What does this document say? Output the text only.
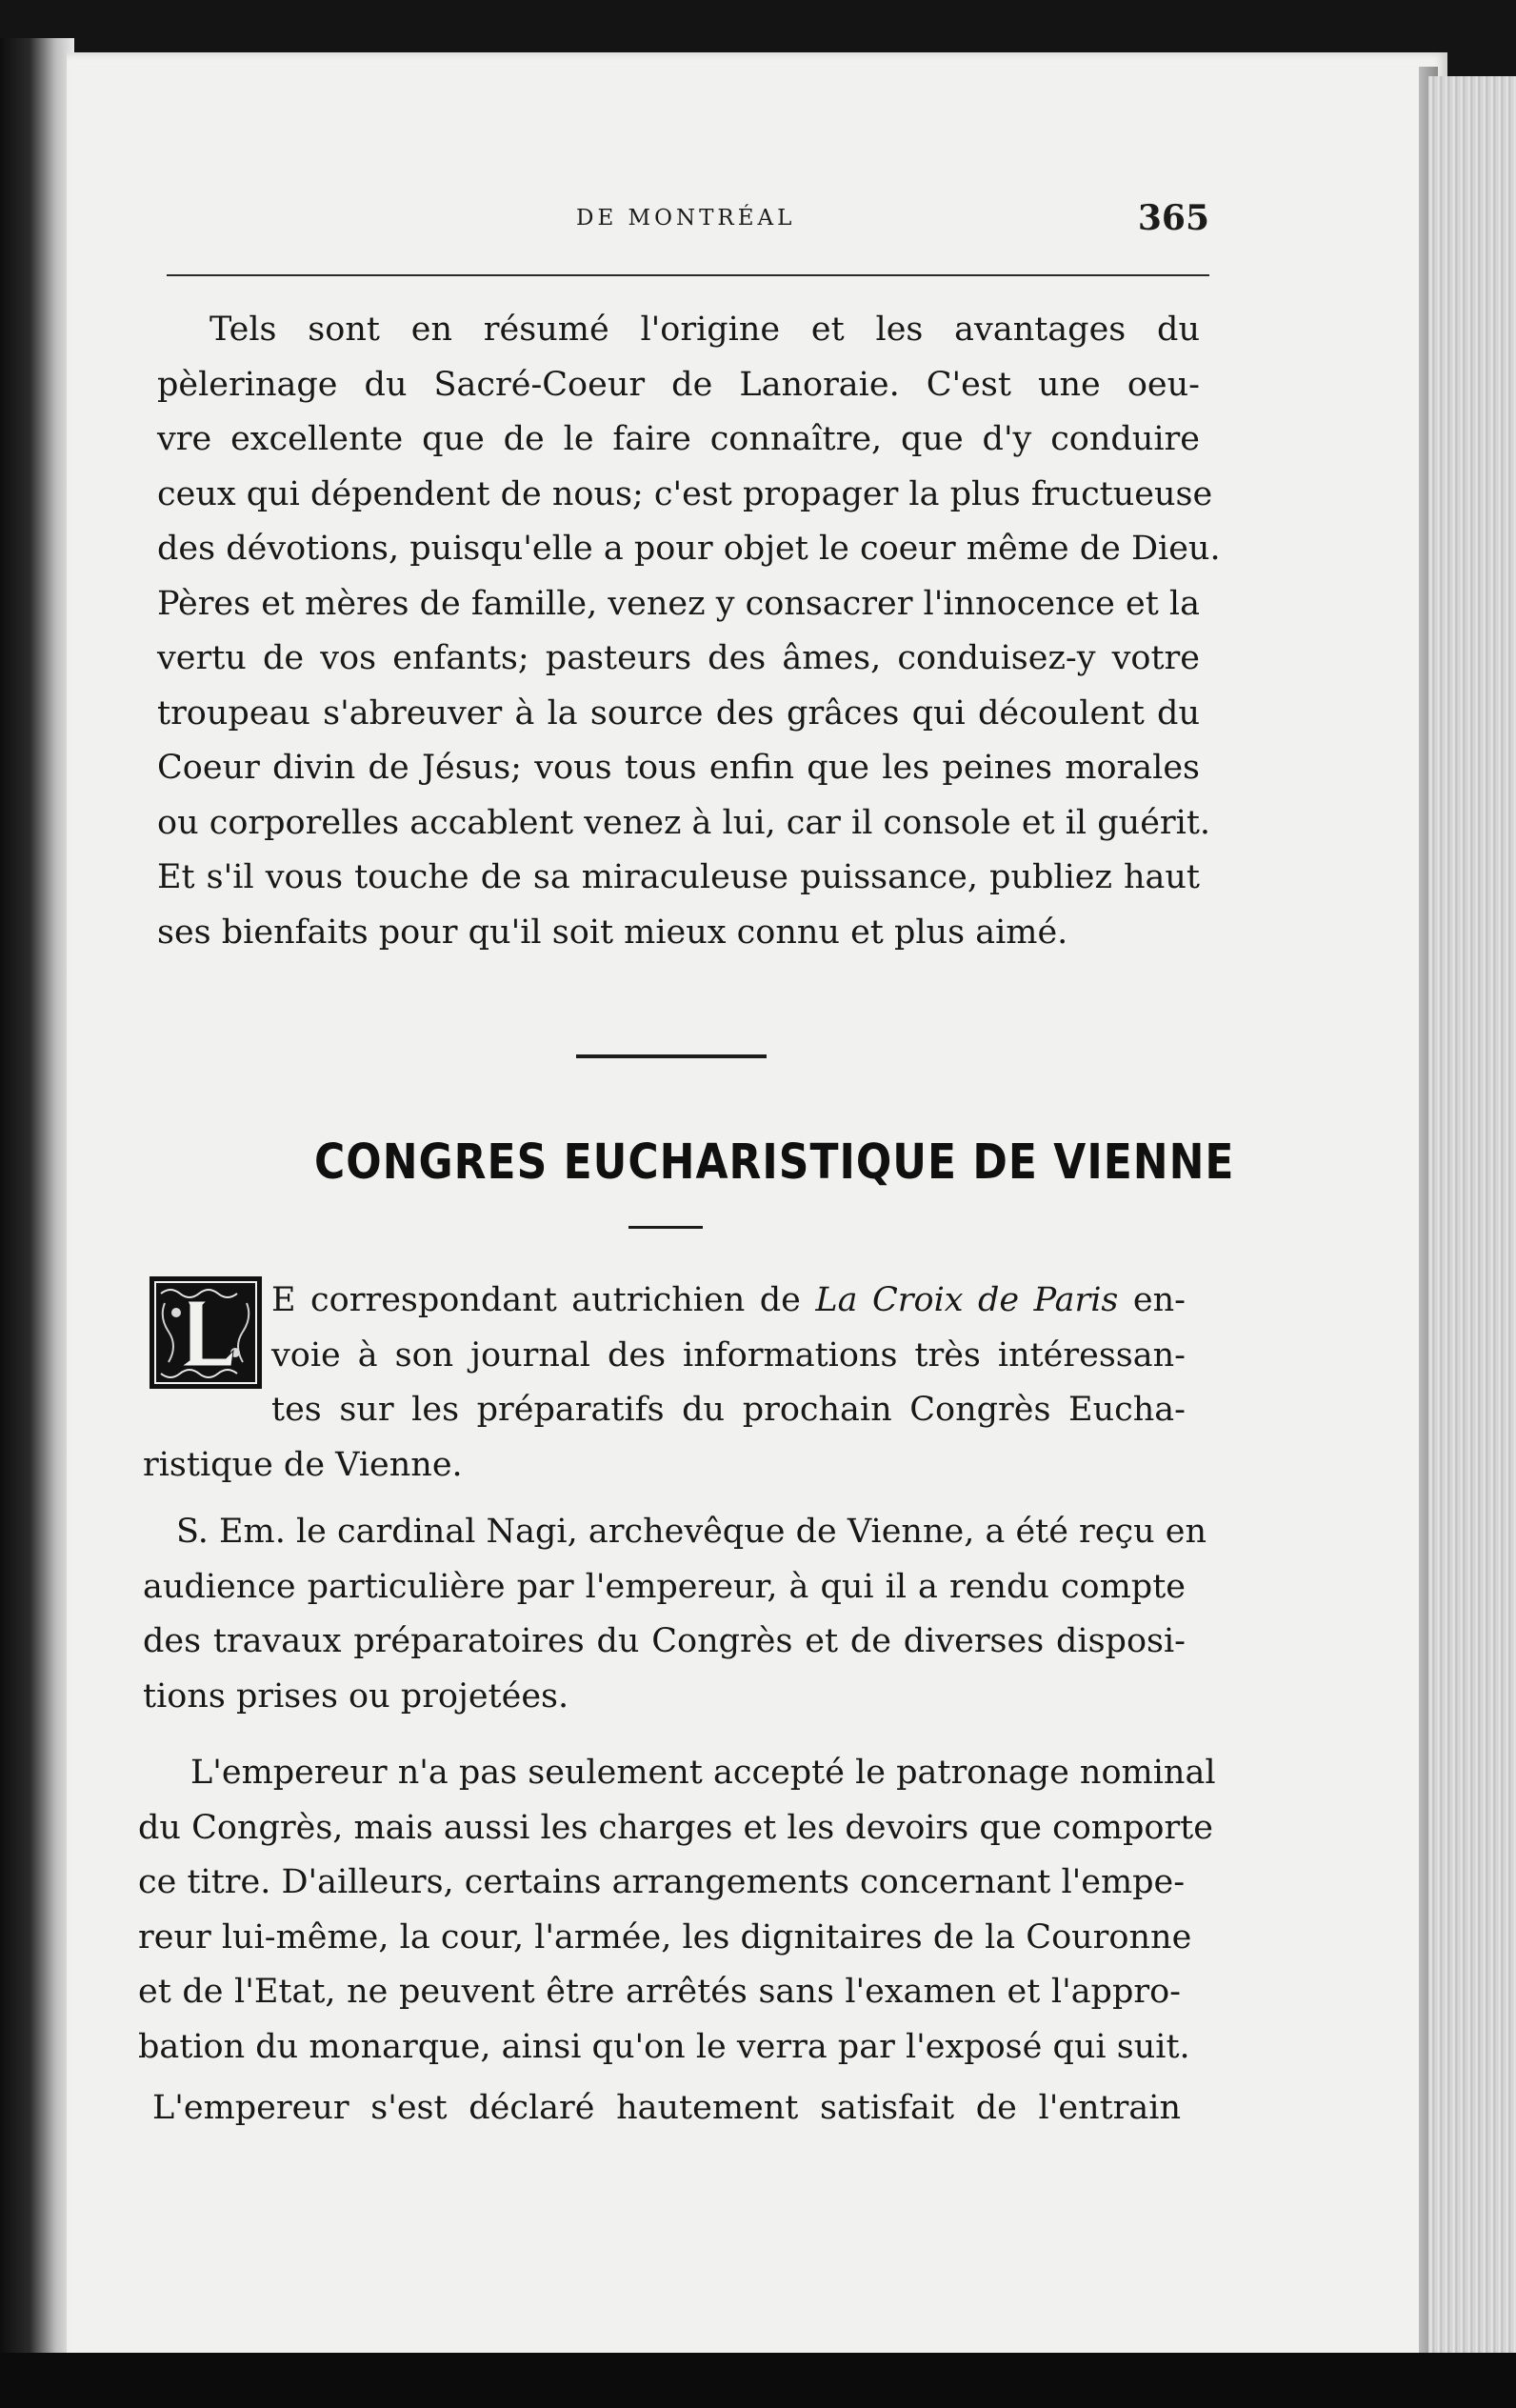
DE MONTRÉAL	365
Tels sont en résumé l'origine et les avantages du
pèlerinage du Sacré-Coeur de Lanoraie. C'est une oeu-
vre excellente que de le faire connaître, que d'y conduire
ceux qui dépendent de nous; c'est propager la plus fructueuse
des dévotions, puisqu'elle a pour objet le coeur même de Dieu.
Pères et mères de famille, venez y consacrer l'innocence et la
vertu de vos enfants; pasteurs des âmes, conduisez-y votre
troupeau s'abreuver à la source des grâces qui découlent du
Coeur divin de Jésus; vous tous enfin que les peines morales
ou corporelles accablent venez à lui, car il console et il guérit.
Et s'il vous touche de sa miraculeuse puissance, publiez haut
ses bienfaits pour qu'il soit mieux connu et plus aimé.
CONGRES EUCHARISTIQUE DE VIENNE
E correspondant autrichien de La Croix de Paris en-
voie à son journal des informations très intéressan-
tes sur les préparatifs du prochain Congrès Eucha-
ristique de Vienne.
S. Em. le cardinal Nagi, archevêque de Vienne, a été reçu en
audience particulière par l'empereur, à qui il a rendu compte
des travaux préparatoires du Congrès et de diverses disposi-
tions prises ou projetées.
L'empereur n'a pas seulement accepté le patronage nominal
du Congrès, mais aussi les charges et les devoirs que comporte
ce titre. D'ailleurs, certains arrangements concernant l'empe-
reur lui-même, la cour, l'armée, les dignitaires de la Couronne
et de l'Etat, ne peuvent être arrêtés sans l'examen et l'appro-
bation du monarque, ainsi qu'on le verra par l'exposé qui suit.
L'empereur s'est déclaré hautement satisfait de l'entrain
